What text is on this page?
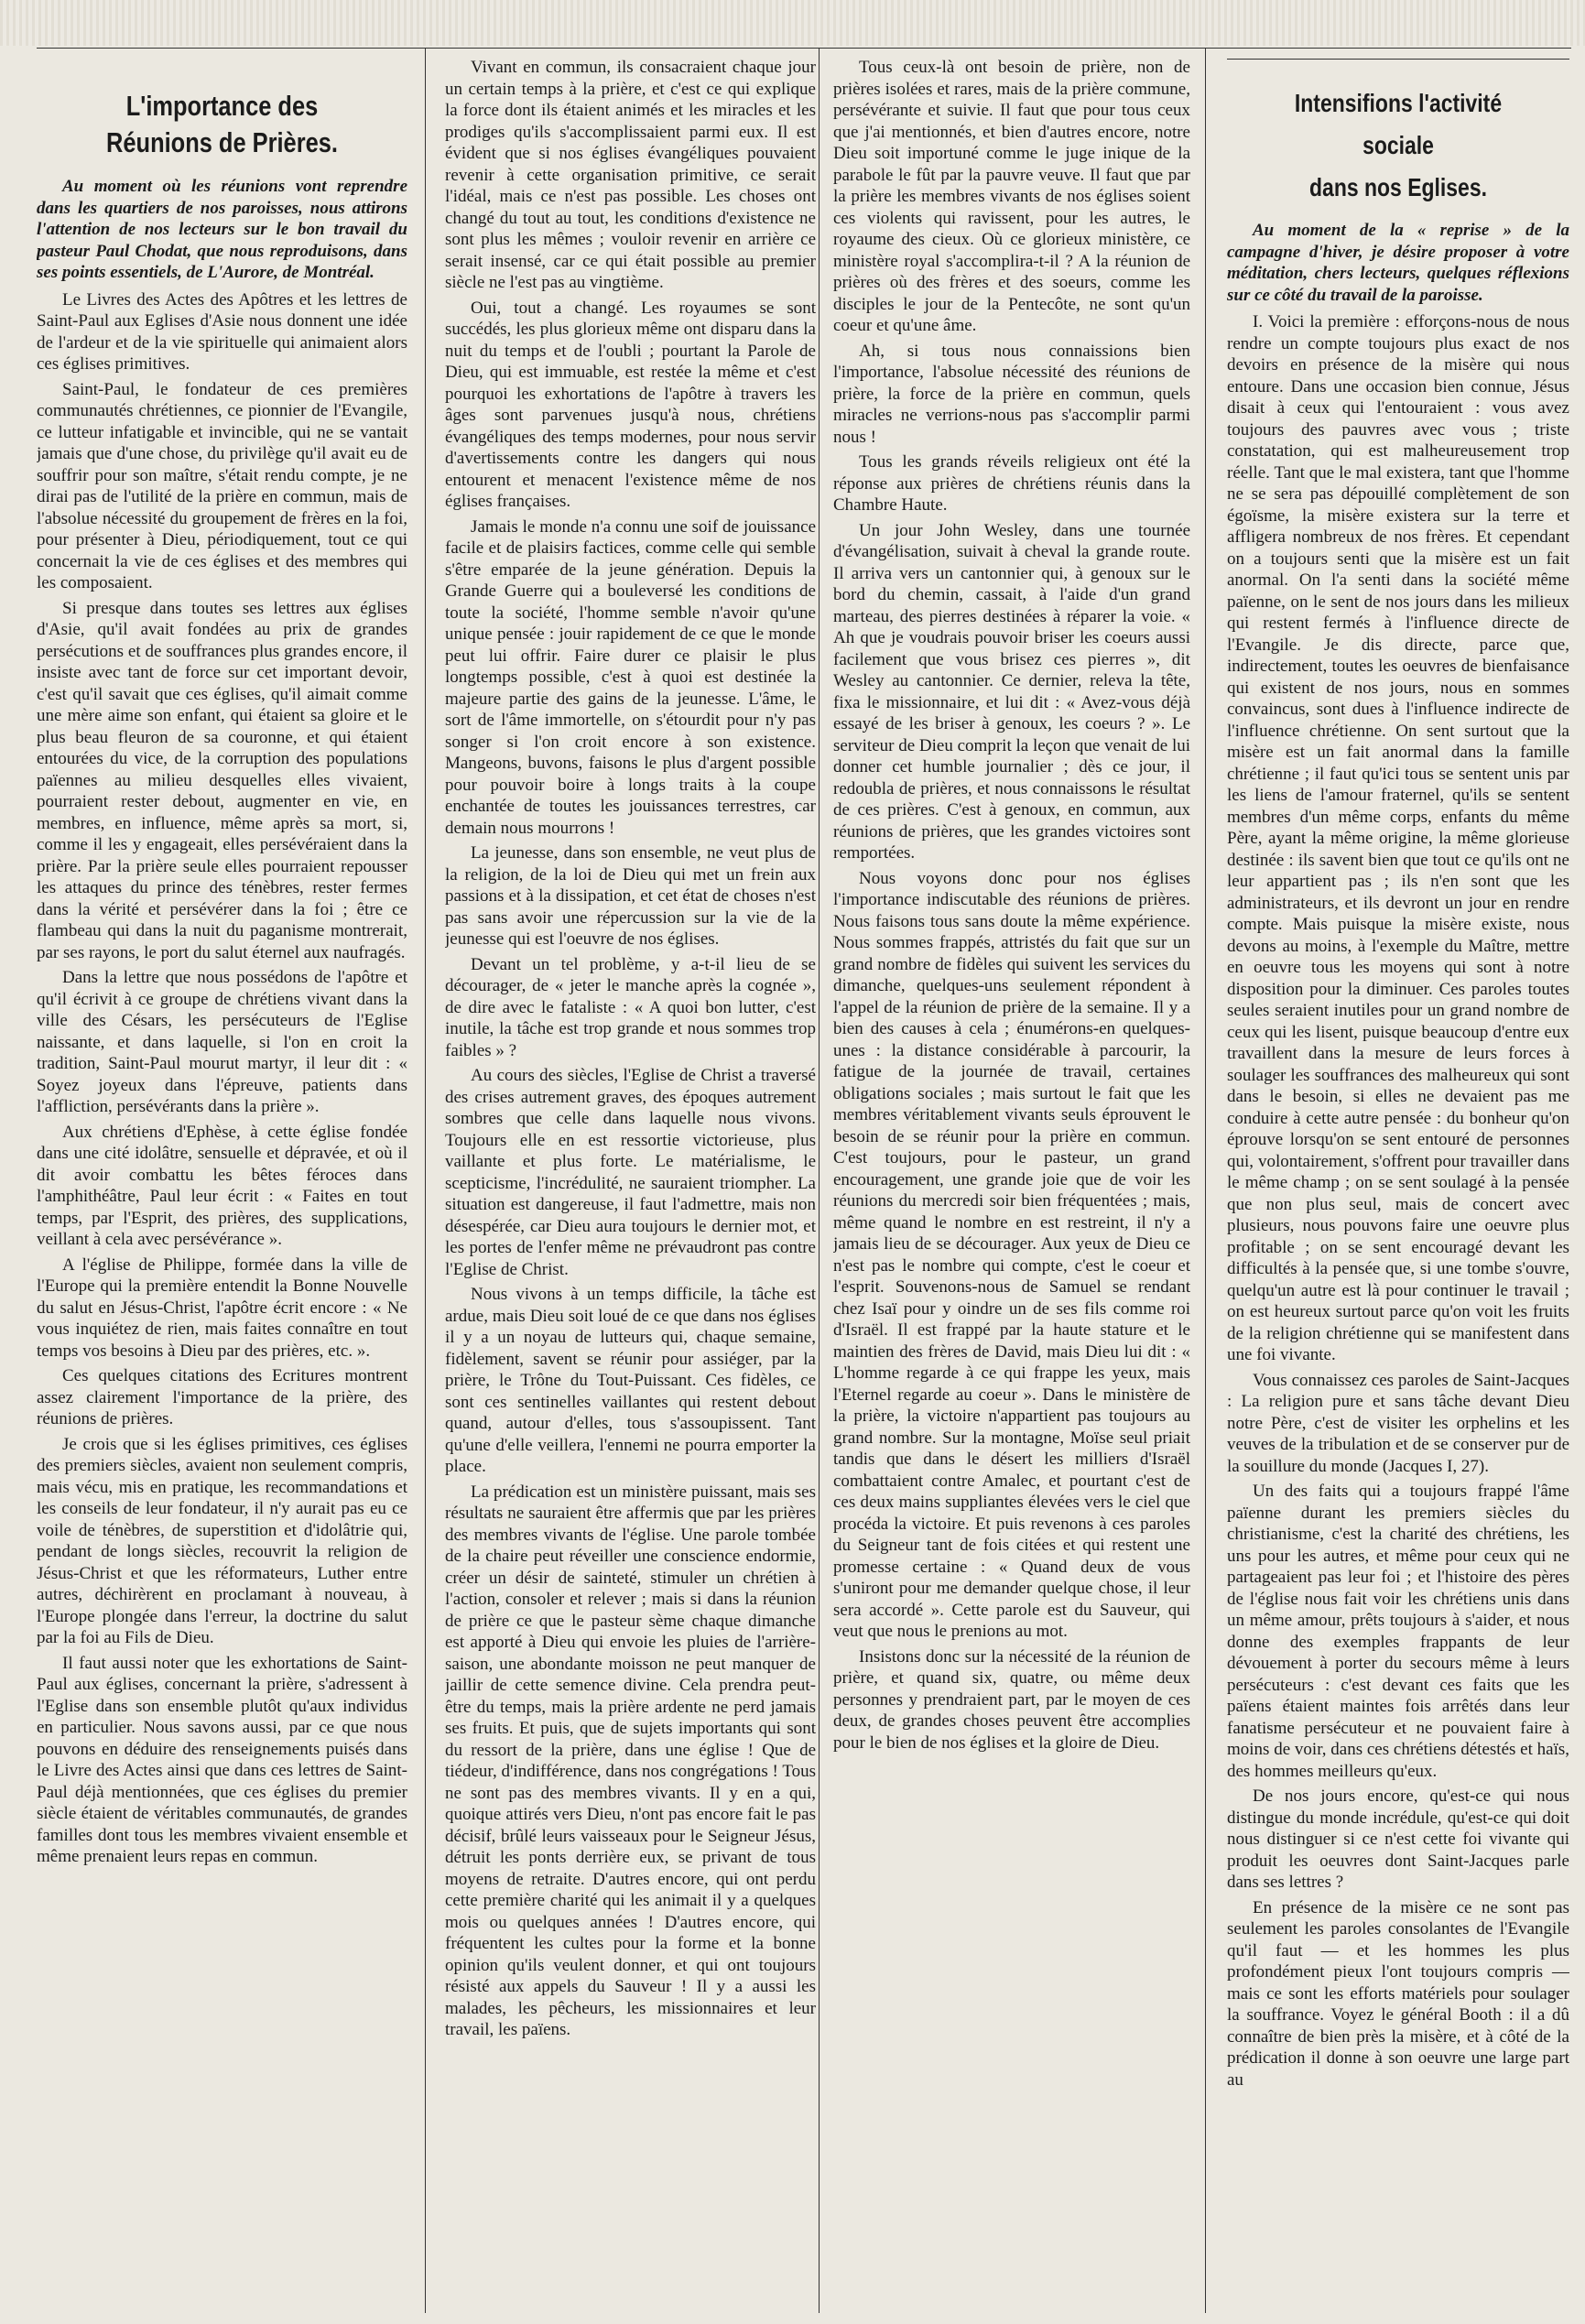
L'importance des Réunions de Prières.

Au moment où les réunions vont reprendre dans les quartiers de nos paroisses, nous attirons l'attention de nos lecteurs sur le bon travail du pasteur Paul Chodat, que nous reproduisons, dans ses points essentiels, de L'Aurore, de Montréal.

Le Livres des Actes des Apôtres et les lettres de Saint-Paul aux Eglises d'Asie nous donnent une idée de l'ardeur et de la vie spirituelle qui animaient alors ces églises primitives.

Saint-Paul, le fondateur de ces premières communautés chrétiennes, ce pionnier de l'Evangile, ce lutteur infatigable et invincible, qui ne se vantait jamais que d'une chose, du privilège qu'il avait eu de souffrir pour son maître, s'était rendu compte, je ne dirai pas de l'utilité de la prière en commun, mais de l'absolue nécessité du groupement de frères en la foi, pour présenter à Dieu, périodiquement, tout ce qui concernait la vie de ces églises et des membres qui les composaient.

Si presque dans toutes ses lettres aux églises d'Asie, qu'il avait fondées au prix de grandes persécutions et de souffrances plus grandes encore, il insiste avec tant de force sur cet important devoir, c'est qu'il savait que ces églises, qu'il aimait comme une mère aime son enfant, qui étaient sa gloire et le plus beau fleuron de sa couronne, et qui étaient entourées du vice, de la corruption des populations païennes au milieu desquelles elles vivaient, pourraient rester debout, augmenter en vie, en membres, en influence, même après sa mort, si, comme il les y engageait, elles persévéraient dans la prière. Par la prière seule elles pourraient repousser les attaques du prince des ténèbres, rester fermes dans la vérité et persévérer dans la foi ; être ce flambeau qui dans la nuit du paganisme montrerait, par ses rayons, le port du salut éternel aux naufragés.

Dans la lettre que nous possédons de l'apôtre et qu'il écrivit à ce groupe de chrétiens vivant dans la ville des Césars, les persécuteurs de l'Eglise naissante, et dans laquelle, si l'on en croit la tradition, Saint-Paul mourut martyr, il leur dit : « Soyez joyeux dans l'épreuve, patients dans l'affliction, persévérants dans la prière ».

Aux chrétiens d'Ephèse, à cette église fondée dans une cité idolâtre, sensuelle et dépravée, et où il dit avoir combattu les bêtes féroces dans l'amphithéâtre, Paul leur écrit : « Faites en tout temps, par l'Esprit, des prières, des supplications, veillant à cela avec persévérance ».

A l'église de Philippe, formée dans la ville de l'Europe qui la première entendit la Bonne Nouvelle du salut en Jésus-Christ, l'apôtre écrit encore : « Ne vous inquiétez de rien, mais faites connaître en tout temps vos besoins à Dieu par des prières, etc. ».

Ces quelques citations des Ecritures montrent assez clairement l'importance de la prière, des réunions de prières.

Je crois que si les églises primitives, ces églises des premiers siècles, avaient non seulement compris, mais vécu, mis en pratique, les recommandations et les conseils de leur fondateur, il n'y aurait pas eu ce voile de ténèbres, de superstition et d'idolâtrie qui, pendant de longs siècles, recouvrit la religion de Jésus-Christ et que les réformateurs, Luther entre autres, déchirèrent en proclamant à nouveau, à l'Europe plongée dans l'erreur, la doctrine du salut par la foi au Fils de Dieu.

Il faut aussi noter que les exhortations de Saint-Paul aux églises, concernant la prière, s'adressent à l'Eglise dans son ensemble plutôt qu'aux individus en particulier. Nous savons aussi, par ce que nous pouvons en déduire des renseignements puisés dans le Livre des Actes ainsi que dans ces lettres de Saint-Paul déjà mentionnées, que ces églises du premier siècle étaient de véritables communautés, de grandes familles dont tous les membres vivaient ensemble et même prenaient leurs repas en commun.

Vivant en commun, ils consacraient chaque jour un certain temps à la prière, et c'est ce qui explique la force dont ils étaient animés et les miracles et les prodiges qu'ils s'accomplissaient parmi eux. Il est évident que si nos églises évangéliques pouvaient revenir à cette organisation primitive, ce serait l'idéal, mais ce n'est pas possible. Les choses ont changé du tout au tout, les conditions d'existence ne sont plus les mêmes ; vouloir revenir en arrière ce serait insensé, car ce qui était possible au premier siècle ne l'est pas au vingtième.

Oui, tout a changé. Les royaumes se sont succédés, les plus glorieux même ont disparu dans la nuit du temps et de l'oubli ; pourtant la Parole de Dieu, qui est immuable, est restée la même et c'est pourquoi les exhortations de l'apôtre à travers les âges sont parvenues jusqu'à nous, chrétiens évangéliques des temps modernes, pour nous servir d'avertissements contre les dangers qui nous entourent et menacent l'existence même de nos églises françaises.

Jamais le monde n'a connu une soif de jouissance facile et de plaisirs factices, comme celle qui semble s'être emparée de la jeune génération. Depuis la Grande Guerre qui a bouleversé les conditions de toute la société, l'homme semble n'avoir qu'une unique pensée : jouir rapidement de ce que le monde peut lui offrir. Faire durer ce plaisir le plus longtemps possible, c'est à quoi est destinée la majeure partie des gains de la jeunesse. L'âme, le sort de l'âme immortelle, on s'étourdit pour n'y pas songer si l'on croit encore à son existence. Mangeons, buvons, faisons le plus d'argent possible pour pouvoir boire à longs traits à la coupe enchantée de toutes les jouissances terrestres, car demain nous mourrons !

La jeunesse, dans son ensemble, ne veut plus de la religion, de la loi de Dieu qui met un frein aux passions et à la dissipation, et cet état de choses n'est pas sans avoir une répercussion sur la vie de la jeunesse qui est l'oeuvre de nos églises.

Devant un tel problème, y a-t-il lieu de se décourager, de « jeter le manche après la cognée », de dire avec le fataliste : « A quoi bon lutter, c'est inutile, la tâche est trop grande et nous sommes trop faibles » ?

Au cours des siècles, l'Eglise de Christ a traversé des crises autrement graves, des époques autrement sombres que celle dans laquelle nous vivons. Toujours elle en est ressortie victorieuse, plus vaillante et plus forte. Le matérialisme, le scepticisme, l'incrédulité, ne sauraient triompher. La situation est dangereuse, il faut l'admettre, mais non désespérée, car Dieu aura toujours le dernier mot, et les portes de l'enfer même ne prévaudront pas contre l'Eglise de Christ.

Nous vivons à un temps difficile, la tâche est ardue, mais Dieu soit loué de ce que dans nos églises il y a un noyau de lutteurs qui, chaque semaine, fidèlement, savent se réunir pour assiéger, par la prière, le Trône du Tout-Puissant. Ces fidèles, ce sont ces sentinelles vaillantes qui restent debout quand, autour d'elles, tous s'assoupissent. Tant qu'une d'elle veillera, l'ennemi ne pourra emporter la place.

La prédication est un ministère puissant, mais ses résultats ne sauraient être affermis que par les prières des membres vivants de l'église. Une parole tombée de la chaire peut réveiller une conscience endormie, créer un désir de sainteté, stimuler un chrétien à l'action, consoler et relever ; mais si dans la réunion de prière ce que le pasteur sème chaque dimanche est apporté à Dieu qui envoie les pluies de l'arrière-saison, une abondante moisson ne peut manquer de jaillir de cette semence divine. Cela prendra peut-être du temps, mais la prière ardente ne perd jamais ses fruits. Et puis, que de sujets importants qui sont du ressort de la prière, dans une église ! Que de tiédeur, d'indifférence, dans nos congrégations ! Tous ne sont pas des membres vivants. Il y en a qui, quoique attirés vers Dieu, n'ont pas encore fait le pas décisif, brûlé leurs vaisseaux pour le Seigneur Jésus, détruit les ponts derrière eux, se privant de tous moyens de retraite. D'autres encore, qui ont perdu cette première charité qui les animait il y a quelques mois ou quelques années ! D'autres encore, qui fréquentent les cultes pour la forme et la bonne opinion qu'ils veulent donner, et qui ont toujours résisté aux appels du Sauveur ! Il y a aussi les malades, les pêcheurs, les missionnaires et leur travail, les païens.

Tous ceux-là ont besoin de prière, non de prières isolées et rares, mais de la prière commune, persévérante et suivie. Il faut que pour tous ceux que j'ai mentionnés, et bien d'autres encore, notre Dieu soit importuné comme le juge inique de la parabole le fût par la pauvre veuve. Il faut que par la prière les membres vivants de nos églises soient ces violents qui ravissent, pour les autres, le royaume des cieux. Où ce glorieux ministère, ce ministère royal s'accomplira-t-il ? A la réunion de prières où des frères et des soeurs, comme les disciples le jour de la Pentecôte, ne sont qu'un coeur et qu'une âme.

Ah, si tous nous connaissions bien l'importance, l'absolue nécessité des réunions de prière, la force de la prière en commun, quels miracles ne verrions-nous pas s'accomplir parmi nous !

Tous les grands réveils religieux ont été la réponse aux prières de chrétiens réunis dans la Chambre Haute.

Un jour John Wesley, dans une tournée d'évangélisation, suivait à cheval la grande route. Il arriva vers un cantonnier qui, à genoux sur le bord du chemin, cassait, à l'aide d'un grand marteau, des pierres destinées à réparer la voie. « Ah que je voudrais pouvoir briser les coeurs aussi facilement que vous brisez ces pierres », dit Wesley au cantonnier. Ce dernier, releva la tête, fixa le missionnaire, et lui dit : « Avez-vous déjà essayé de les briser à genoux, les coeurs ? ». Le serviteur de Dieu comprit la leçon que venait de lui donner cet humble journalier ; dès ce jour, il redoubla de prières, et nous connaissons le résultat de ces prières. C'est à genoux, en commun, aux réunions de prières, que les grandes victoires sont remportées.

Nous voyons donc pour nos églises l'importance indiscutable des réunions de prières. Nous faisons tous sans doute la même expérience. Nous sommes frappés, attristés du fait que sur un grand nombre de fidèles qui suivent les services du dimanche, quelques-uns seulement répondent à l'appel de la réunion de prière de la semaine. Il y a bien des causes à cela ; énumérons-en quelques-unes : la distance considérable à parcourir, la fatigue de la journée de travail, certaines obligations sociales ; mais surtout le fait que les membres véritablement vivants seuls éprouvent le besoin de se réunir pour la prière en commun. C'est toujours, pour le pasteur, un grand encouragement, une grande joie que de voir les réunions du mercredi soir bien fréquentées ; mais, même quand le nombre en est restreint, il n'y a jamais lieu de se décourager. Aux yeux de Dieu ce n'est pas le nombre qui compte, c'est le coeur et l'esprit. Souvenons-nous de Samuel se rendant chez Isaï pour y oindre un de ses fils comme roi d'Israël. Il est frappé par la haute stature et le maintien des frères de David, mais Dieu lui dit : « L'homme regarde à ce qui frappe les yeux, mais l'Eternel regarde au coeur ». Dans le ministère de la prière, la victoire n'appartient pas toujours au grand nombre. Sur la montagne, Moïse seul priait tandis que dans le désert les milliers d'Israël combattaient contre Amalec, et pourtant c'est de ces deux mains suppliantes élevées vers le ciel que procéda la victoire. Et puis revenons à ces paroles du Seigneur tant de fois citées et qui restent une promesse certaine : « Quand deux de vous s'uniront pour me demander quelque chose, il leur sera accordé ». Cette parole est du Sauveur, qui veut que nous le prenions au mot.

Insistons donc sur la nécessité de la réunion de prière, et quand six, quatre, ou même deux personnes y prendraient part, par le moyen de ces deux, de grandes choses peuvent être accomplies pour le bien de nos églises et la gloire de Dieu.

Intensifions l'activité sociale
dans nos Eglises.

Au moment de la « reprise » de la campagne d'hiver, je désire proposer à votre méditation, chers lecteurs, quelques réflexions sur ce côté du travail de la paroisse.

I. Voici la première : efforçons-nous de nous rendre un compte toujours plus exact de nos devoirs en présence de la misère qui nous entoure. Dans une occasion bien connue, Jésus disait à ceux qui l'entouraient : vous avez toujours des pauvres avec vous ; triste constatation, qui est malheureusement trop réelle. Tant que le mal existera, tant que l'homme ne se sera pas dépouillé complètement de son égoïsme, la misère existera sur la terre et affligera nombreux de nos frères. Et cependant on a toujours senti que la misère est un fait anormal. On l'a senti dans la société même païenne, on le sent de nos jours dans les milieux qui restent fermés à l'influence directe de l'Evangile. Je dis directe, parce que, indirectement, toutes les oeuvres de bienfaisance qui existent de nos jours, nous en sommes convaincus, sont dues à l'influence indirecte de l'influence chrétienne. On sent surtout que la misère est un fait anormal dans la famille chrétienne ; il faut qu'ici tous se sentent unis par les liens de l'amour fraternel, qu'ils se sentent membres d'un même corps, enfants du même Père, ayant la même origine, la même glorieuse destinée : ils savent bien que tout ce qu'ils ont ne leur appartient pas ; ils n'en sont que les administrateurs, et ils devront un jour en rendre compte. Mais puisque la misère existe, nous devons au moins, à l'exemple du Maître, mettre en oeuvre tous les moyens qui sont à notre disposition pour la diminuer. Ces paroles toutes seules seraient inutiles pour un grand nombre de ceux qui les lisent, puisque beaucoup d'entre eux travaillent dans la mesure de leurs forces à soulager les souffrances des malheureux qui sont dans le besoin, si elles ne devaient pas me conduire à cette autre pensée : du bonheur qu'on éprouve lorsqu'on se sent entouré de personnes qui, volontairement, s'offrent pour travailler dans le même champ ; on se sent soulagé à la pensée que non plus seul, mais de concert avec plusieurs, nous pouvons faire une oeuvre plus profitable ; on se sent encouragé devant les difficultés à la pensée que, si une tombe s'ouvre, quelqu'un autre est là pour continuer le travail ; on est heureux surtout parce qu'on voit les fruits de la religion chrétienne qui se manifestent dans une foi vivante.

Vous connaissez ces paroles de Saint-Jacques : La religion pure et sans tâche devant Dieu notre Père, c'est de visiter les orphelins et les veuves de la tribulation et de se conserver pur de la souillure du monde (Jacques I, 27).

Un des faits qui a toujours frappé l'âme païenne durant les premiers siècles du christianisme, c'est la charité des chrétiens, les uns pour les autres, et même pour ceux qui ne partageaient pas leur foi ; et l'histoire des pères de l'église nous fait voir les chrétiens unis dans un même amour, prêts toujours à s'aider, et nous donne des exemples frappants de leur dévouement à porter du secours même à leurs persécuteurs : c'est devant ces faits que les païens étaient maintes fois arrêtés dans leur fanatisme persécuteur et ne pouvaient faire à moins de voir, dans ces chrétiens détestés et haïs, des hommes meilleurs qu'eux.

De nos jours encore, qu'est-ce qui nous distingue du monde incrédule, qu'est-ce qui doit nous distinguer si ce n'est cette foi vivante qui produit les oeuvres dont Saint-Jacques parle dans ses lettres ?

En présence de la misère ce ne sont pas seulement les paroles consolantes de l'Evangile qu'il faut — et les hommes les plus profondément pieux l'ont toujours compris — mais ce sont les efforts matériels pour soulager la souffrance. Voyez le général Booth : il a dû connaître de bien près la misère, et à côté de la prédication il donne à son oeuvre une large part au
